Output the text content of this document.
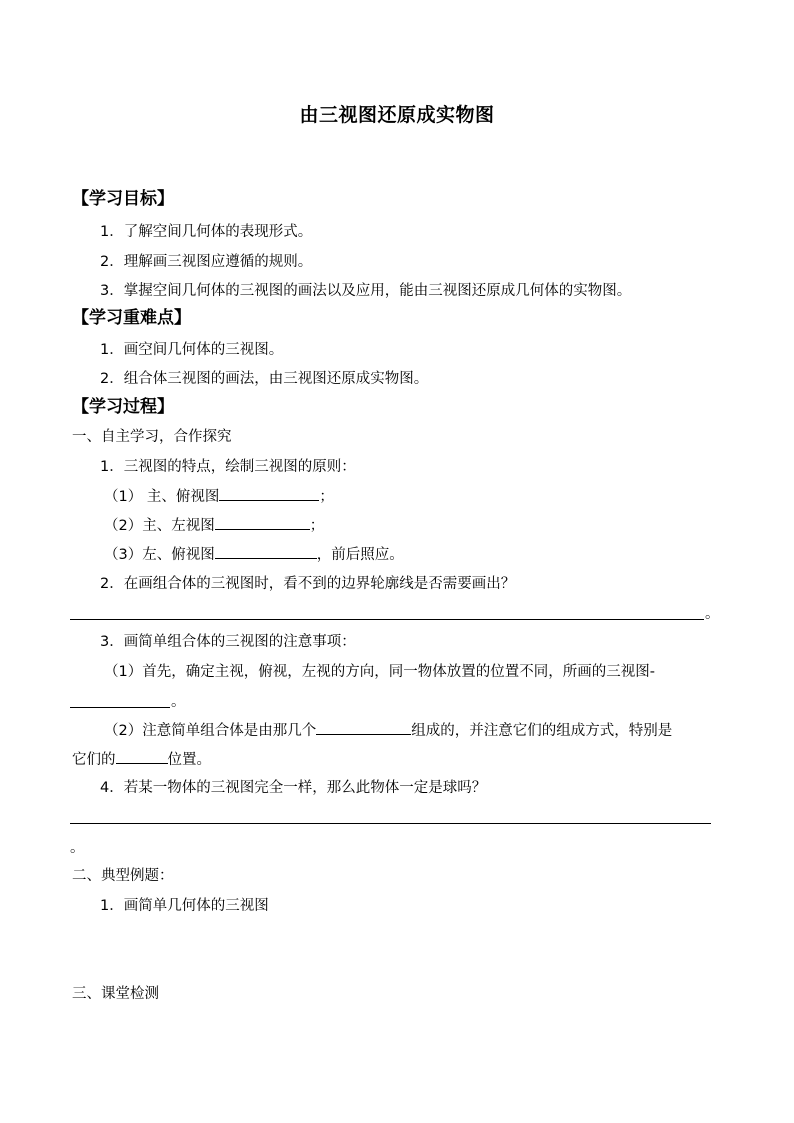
由三视图还原成实物图
【学习目标】
1．了解空间几何体的表现形式。
2．理解画三视图应遵循的规则。
3．掌握空间几何体的三视图的画法以及应用，能由三视图还原成几何体的实物图。
【学习重难点】
1．画空间几何体的三视图。
2．组合体三视图的画法，由三视图还原成实物图。
【学习过程】
一、自主学习，合作探究
1．三视图的特点，绘制三视图的原则：
（1） 主、俯视图	；
（2）主、左视图	；
（3）左、俯视图	，前后照应。
2．在画组合体的三视图时，看不到的边界轮廓线是否需要画出？
。
3．画简单组合体的三视图的注意事项：
（1）首先，确定主视，俯视，左视的方向，同一物体放置的位置不同，所画的三视图-
。
（2）注意简单组合体是由那几个	组成的，并注意它们的组成方式，特别是
它们的	位置。
4．若某一物体的三视图完全一样，那么此物体一定是球吗？
。
二、典型例题：
1．画简单几何体的三视图
三、课堂检测
